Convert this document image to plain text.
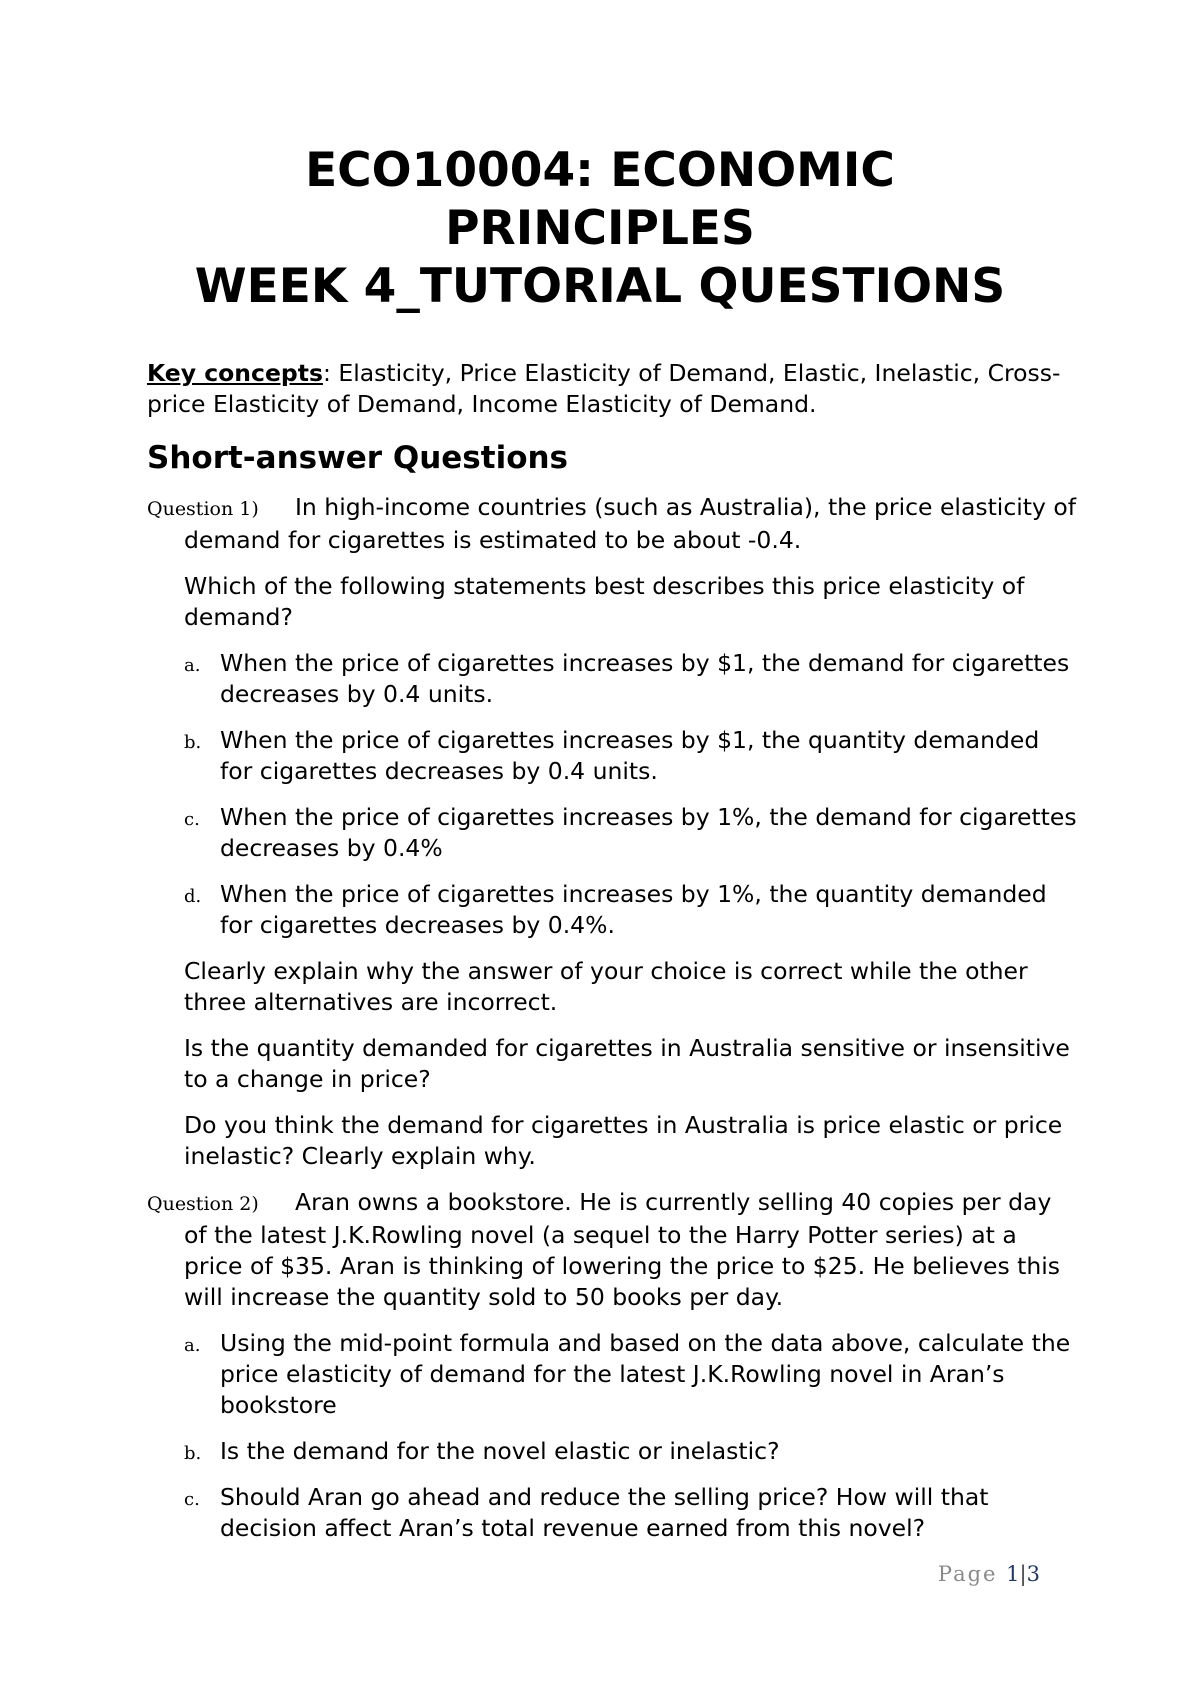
ECO10004: ECONOMIC
PRINCIPLES
WEEK 4_TUTORIAL QUESTIONS

Key concepts: Elasticity, Price Elasticity of Demand, Elastic, Inelastic, Cross-price Elasticity of Demand, Income Elasticity of Demand.

Short-answer Questions

Question 1) In high-income countries (such as Australia), the price elasticity of demand for cigarettes is estimated to be about -0.4.

Which of the following statements best describes this price elasticity of demand?

a. When the price of cigarettes increases by $1, the demand for cigarettes decreases by 0.4 units.
b. When the price of cigarettes increases by $1, the quantity demanded for cigarettes decreases by 0.4 units.
c. When the price of cigarettes increases by 1%, the demand for cigarettes decreases by 0.4%
d. When the price of cigarettes increases by 1%, the quantity demanded for cigarettes decreases by 0.4%.

Clearly explain why the answer of your choice is correct while the other three alternatives are incorrect.

Is the quantity demanded for cigarettes in Australia sensitive or insensitive to a change in price?

Do you think the demand for cigarettes in Australia is price elastic or price inelastic? Clearly explain why.

Question 2) Aran owns a bookstore. He is currently selling 40 copies per day of the latest J.K.Rowling novel (a sequel to the Harry Potter series) at a price of $35. Aran is thinking of lowering the price to $25. He believes this will increase the quantity sold to 50 books per day.

a. Using the mid-point formula and based on the data above, calculate the price elasticity of demand for the latest J.K.Rowling novel in Aran’s bookstore
b. Is the demand for the novel elastic or inelastic?
c. Should Aran go ahead and reduce the selling price? How will that decision affect Aran’s total revenue earned from this novel?
Page 1|3
